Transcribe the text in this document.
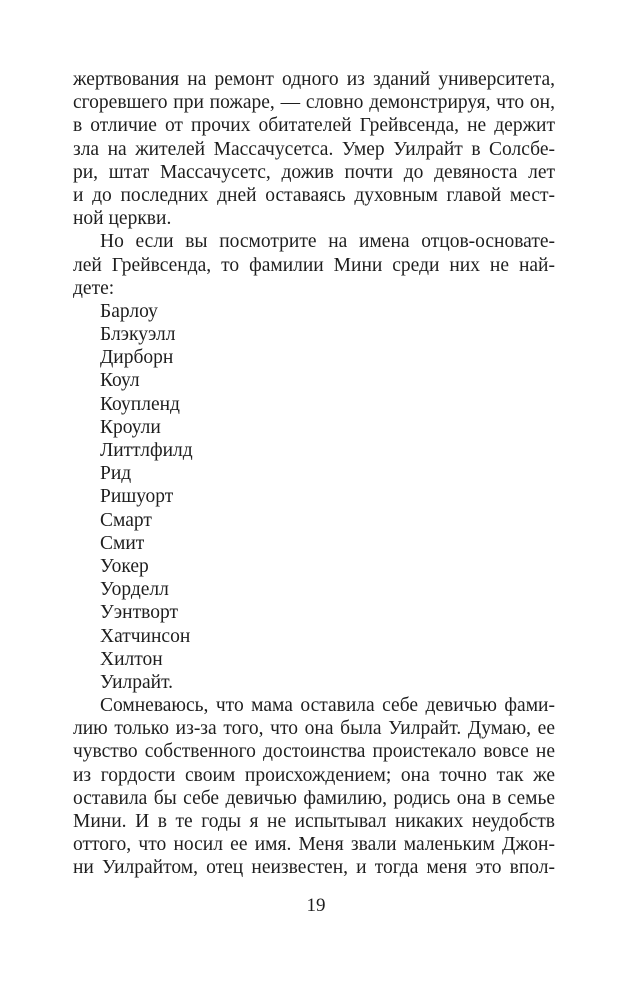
жертвования на ремонт одного из зданий университета,
сгоревшего при пожаре, — словно демонстрируя, что он,
в отличие от прочих обитателей Грейвсенда, не держит
зла на жителей Массачусетса. Умер Уилрайт в Солсбе-
ри, штат Массачусетс, дожив почти до девяноста лет
и до последних дней оставаясь духовным главой мест-
ной церкви.
Но если вы посмотрите на имена отцов-основате-
лей Грейвсенда, то фамилии Мини среди них не най-
дете:
Барлоу
Блэкуэлл
Дирборн
Коул
Коупленд
Кроули
Литтлфилд
Рид
Ришуорт
Смарт
Смит
Уокер
Уорделл
Уэнтворт
Хатчинсон
Хилтон
Уилрайт.
Сомневаюсь, что мама оставила себе девичью фами-
лию только из-за того, что она была Уилрайт. Думаю, ее
чувство собственного достоинства проистекало вовсе не
из гордости своим происхождением; она точно так же
оставила бы себе девичью фамилию, родись она в семье
Мини. И в те годы я не испытывал никаких неудобств
оттого, что носил ее имя. Меня звали маленьким Джон-
ни Уилрайтом, отец неизвестен, и тогда меня это впол-
19
